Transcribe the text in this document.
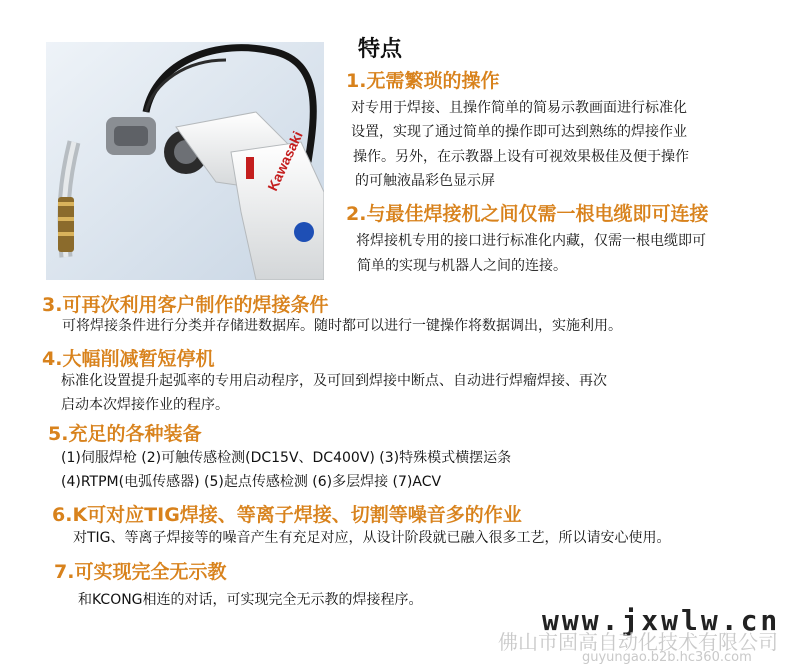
Kawasaki
特点
1.无需繁琐的操作
对专用于焊接、且操作简单的简易示教画面进行标准化
设置，实现了通过简单的操作即可达到熟练的焊接作业
操作。另外，在示教器上设有可视效果极佳及便于操作
的可触液晶彩色显示屏
2.与最佳焊接机之间仅需一根电缆即可连接
将焊接机专用的接口进行标准化内藏，仅需一根电缆即可
简单的实现与机器人之间的连接。
3.可再次利用客户制作的焊接条件
可将焊接条件进行分类并存储进数据库。随时都可以进行一键操作将数据调出，实施利用。
4.大幅削减暂短停机
标准化设置提升起弧率的专用启动程序，及可回到焊接中断点、自动进行焊瘤焊接、再次
启动本次焊接作业的程序。
5.充足的各种装备
(1)伺服焊枪 (2)可触传感检测(DC15V、DC400V) (3)特殊模式横摆运条
(4)RTPM(电弧传感器) (5)起点传感检测 (6)多层焊接 (7)ACV
6.K可对应TIG焊接、等离子焊接、切割等噪音多的作业
对TIG、等离子焊接等的噪音产生有充足对应，从设计阶段就已融入很多工艺，所以请安心使用。
7.可实现完全无示教
和KCONG相连的对话，可实现完全无示教的焊接程序。
www.jxwlw.cn
佛山市固高自动化技术有限公司
guyungao.b2b.hc360.com
